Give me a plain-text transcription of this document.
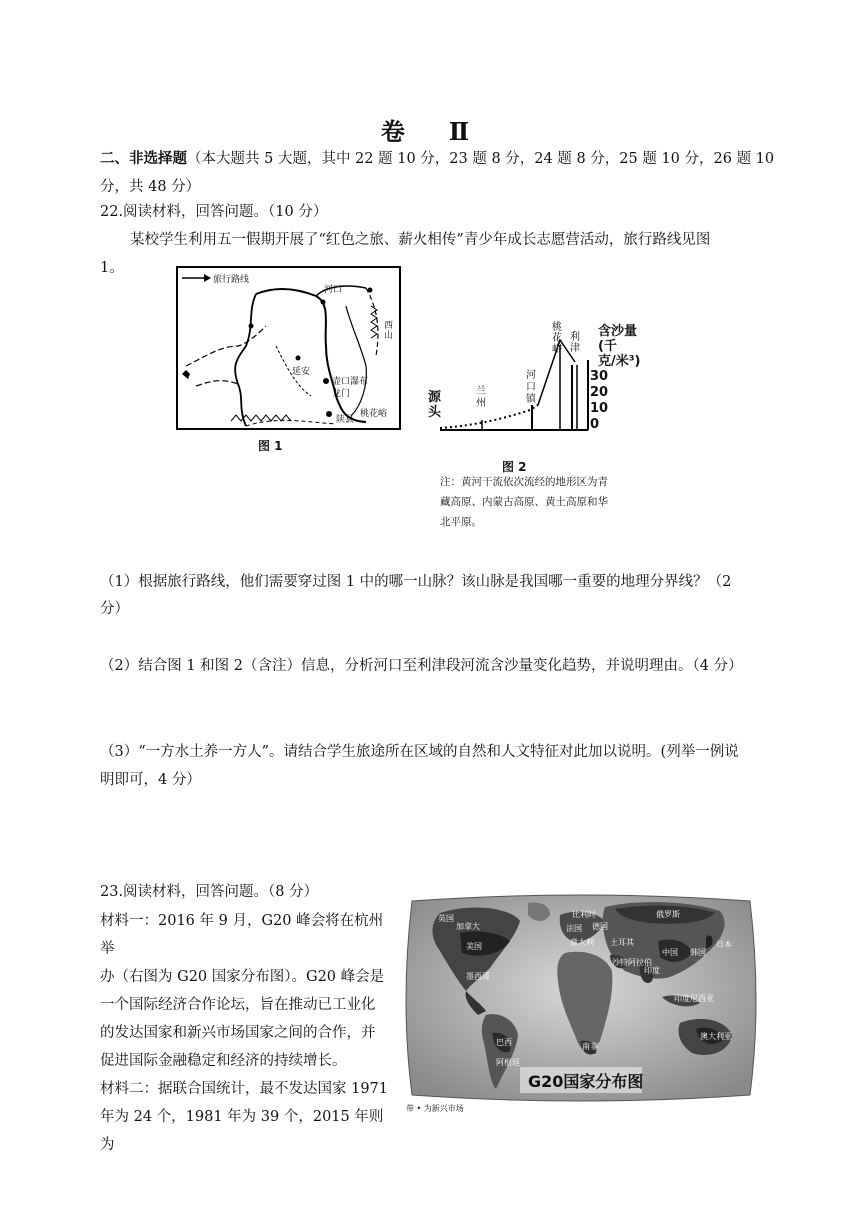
卷　Ⅱ
二、非选择题（本大题共 5 大题，其中 22 题 10 分，23 题 8 分，24 题 8 分，25 题 10 分，26 题 10
分，共 48 分）
22.阅读材料，回答问题。（10 分）
某校学生利用五一假期开展了“红色之旅、薪火相传”青少年成长志愿营活动，旅行路线见图
1。
旅行路线
河口
延安
壶口瀑布
龙门
陕县
桃花峪
西山
图 1
含沙量(千
克/米³)
30
20
10
0
源头
兰州
河口镇
桃花峪
利津
图 2
注：黄河干流依次流经的地形区为青
藏高原、内蒙古高原、黄土高原和华
北平原。
（1）根据旅行路线，他们需要穿过图 1 中的哪一山脉？该山脉是我国哪一重要的地理分界线？（2
分）
（2）结合图 1 和图 2（含注）信息，分析河口至利津段河流含沙量变化趋势，并说明理由。（4 分）
（3）“一方水土养一方人”。请结合学生旅途所在区域的自然和人文特征对此加以说明。(列举一例说
明即可，4 分）
23.阅读材料，回答问题。（8 分）
材料一：2016 年 9 月，G20 峰会将在杭州举
办（右图为 G20 国家分布图）。G20 峰会是
一个国际经济合作论坛，旨在推动已工业化
的发达国家和新兴市场国家之间的合作，并
促进国际金融稳定和经济的持续增长。
材料二：据联合国统计，最不发达国家 1971
年为 24 个，1981 年为 39 个，2015 年则为
G20国家分布图
带 • 为新兴市场
英国
加拿大
美国
墨西哥
比利时
德国
法国
意大利
俄罗斯
土耳其
中国
日本
韩国
沙特阿拉伯
印度
印度尼西亚
巴西
阿根廷
南非
澳大利亚
